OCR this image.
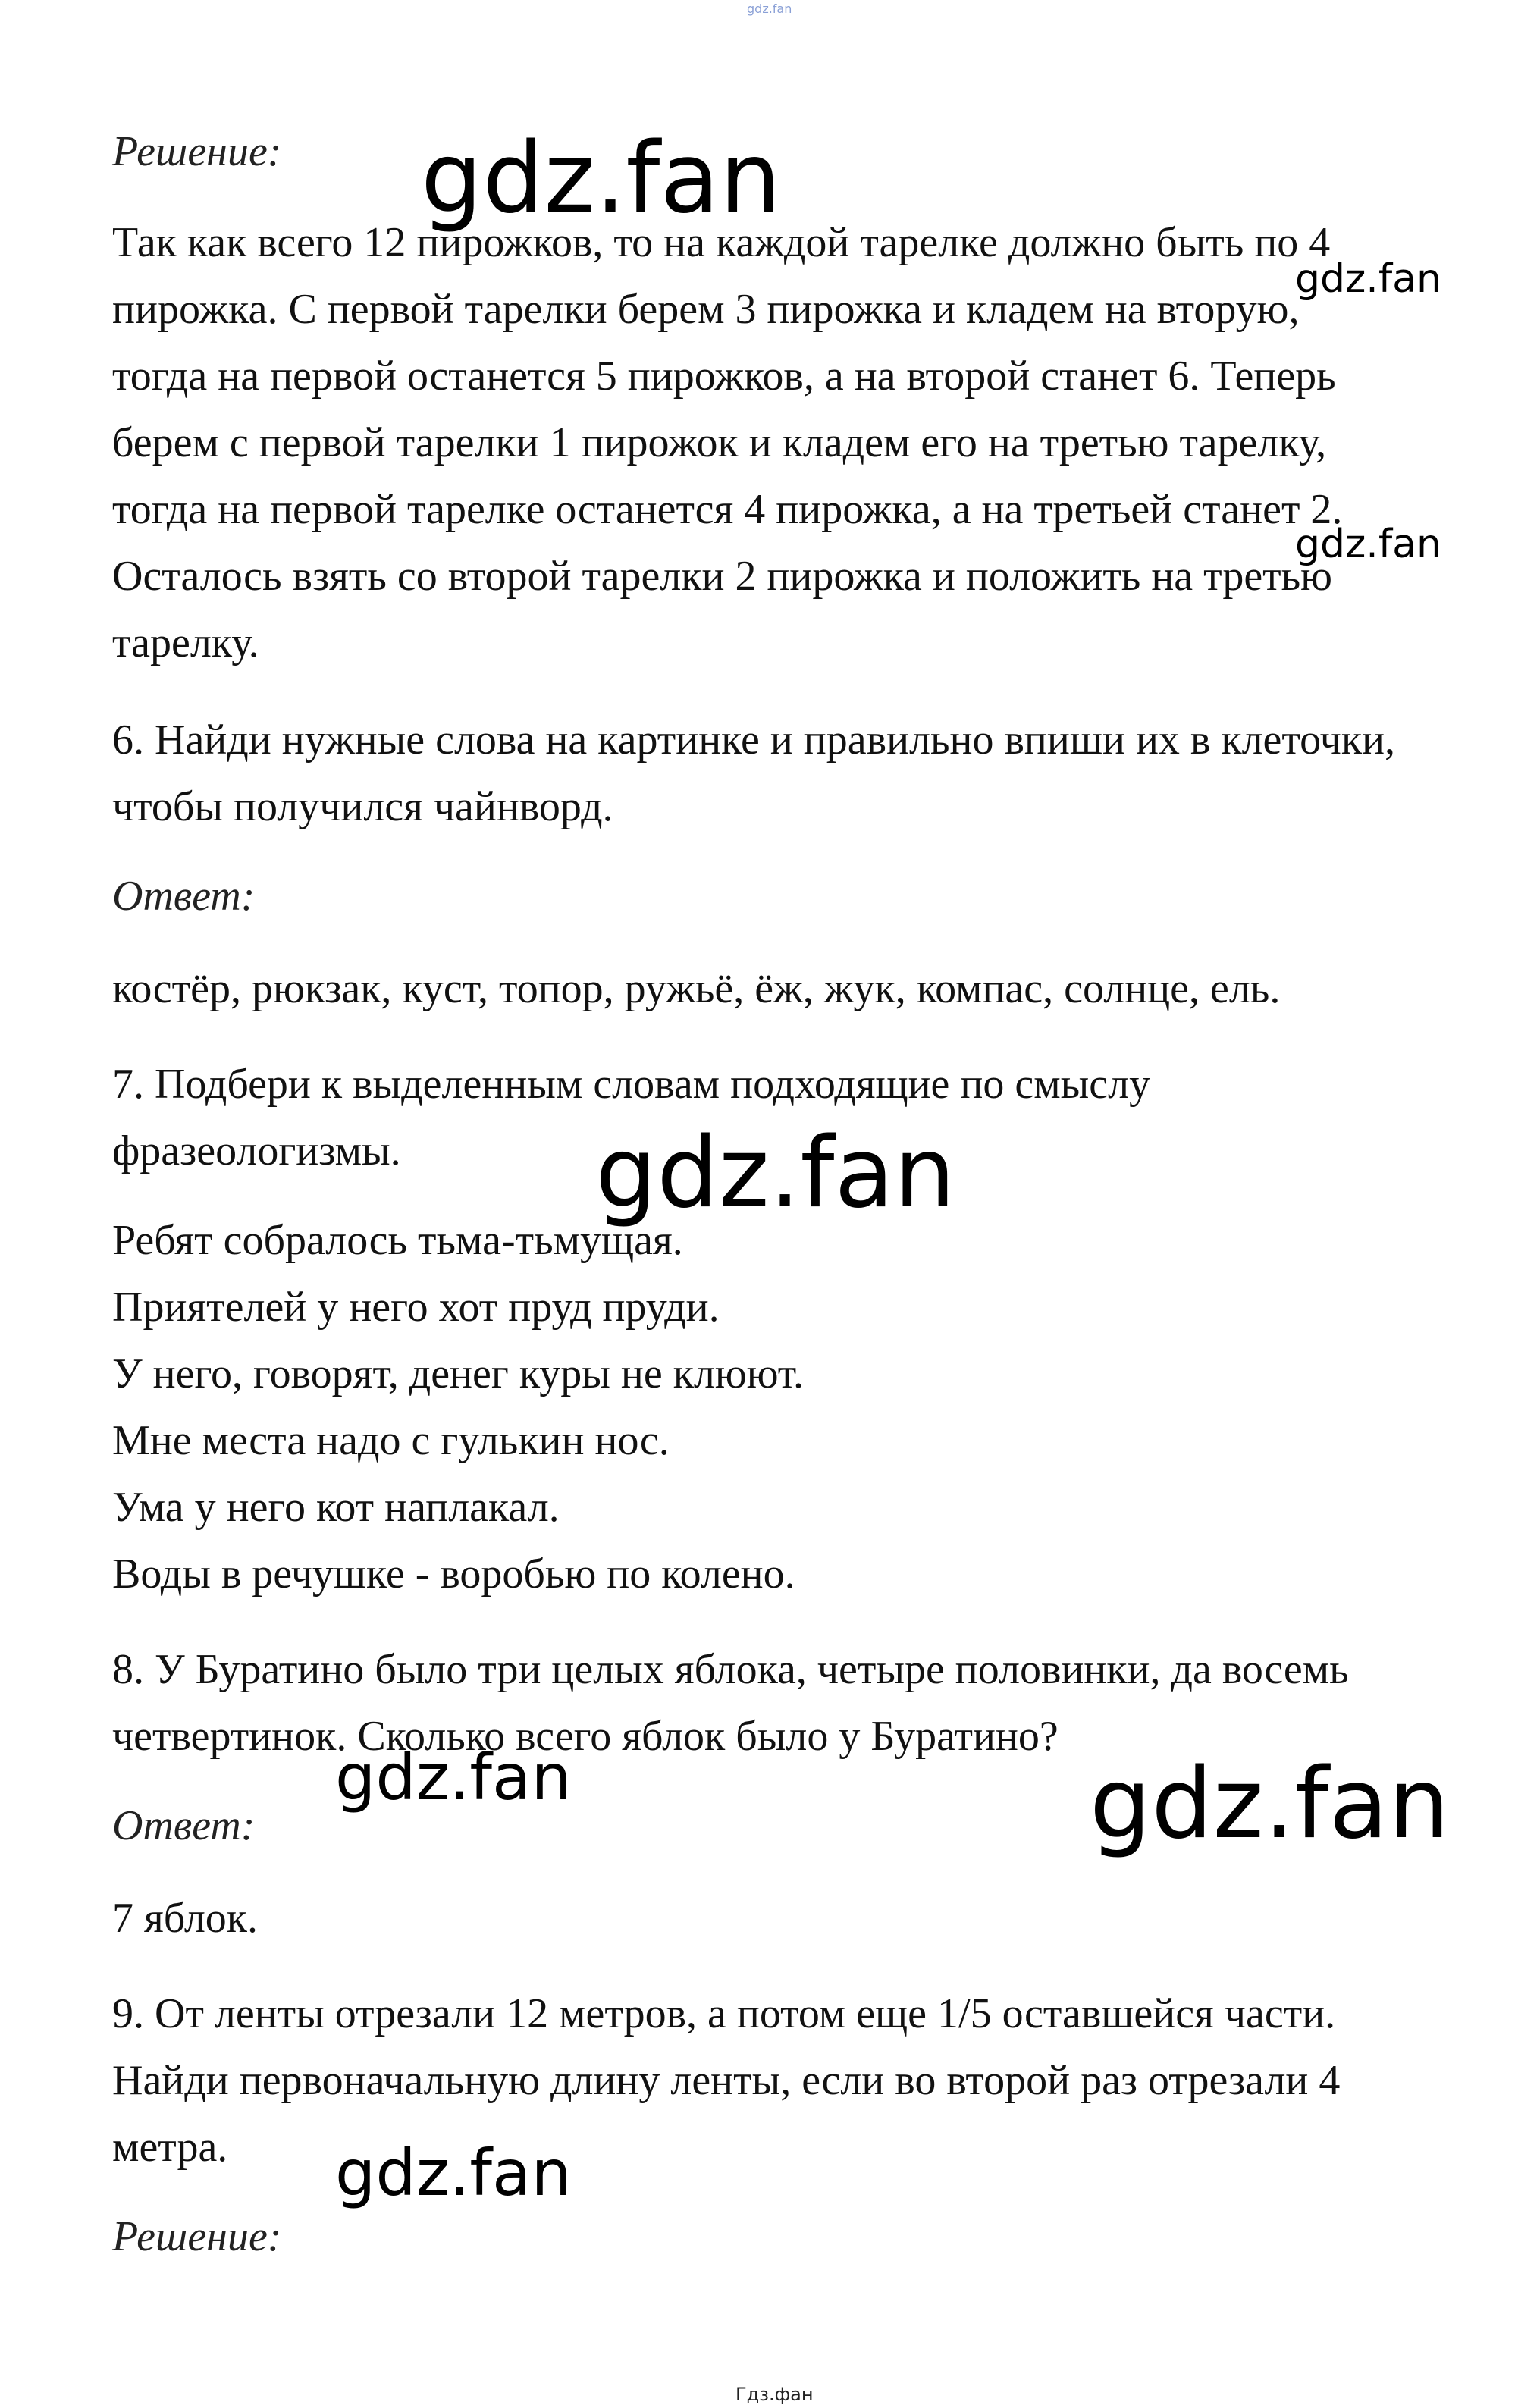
gdz.fan

Решение:

Так как всего 12 пирожков, то на каждой тарелке должно быть по 4

пирожка. С первой тарелки берем 3 пирожка и кладем на вторую,

тогда на первой останется 5 пирожков, а на второй станет 6. Теперь

берем с первой тарелки 1 пирожок и кладем его на третью тарелку,

тогда на первой тарелке останется 4 пирожка, а на третьей станет 2.

Осталось взять со второй тарелки 2 пирожка и положить на третью

тарелку.

6. Найди нужные слова на картинке и правильно впиши их в клеточки,

чтобы получился чайнворд.

Ответ:

костёр, рюкзак, куст, топор, ружьё, ёж, жук, компас, солнце, ель.

7. Подбери к выделенным словам подходящие по смыслу

фразеологизмы.

Ребят собралось тьма-тьмущая.

Приятелей у него хот пруд пруди.

У него, говорят, денег куры не клюют.

Мне места надо с гулькин нос.

Ума у него кот наплакал.

Воды в речушке - воробью по колено.

8. У Буратино было три целых яблока, четыре половинки, да восемь

четвертинок. Сколько всего яблок было у Буратино?

Ответ:

7 яблок.

9. От ленты отрезали 12 метров, а потом еще 1/5 оставшейся части.

Найди первоначальную длину ленты, если во второй раз отрезали 4

метра.

Решение:

gdz.fan
gdz.fan
gdz.fan
gdz.fan
gdz.fan	gdz.fan
gdz.fan
Гдз.фан
